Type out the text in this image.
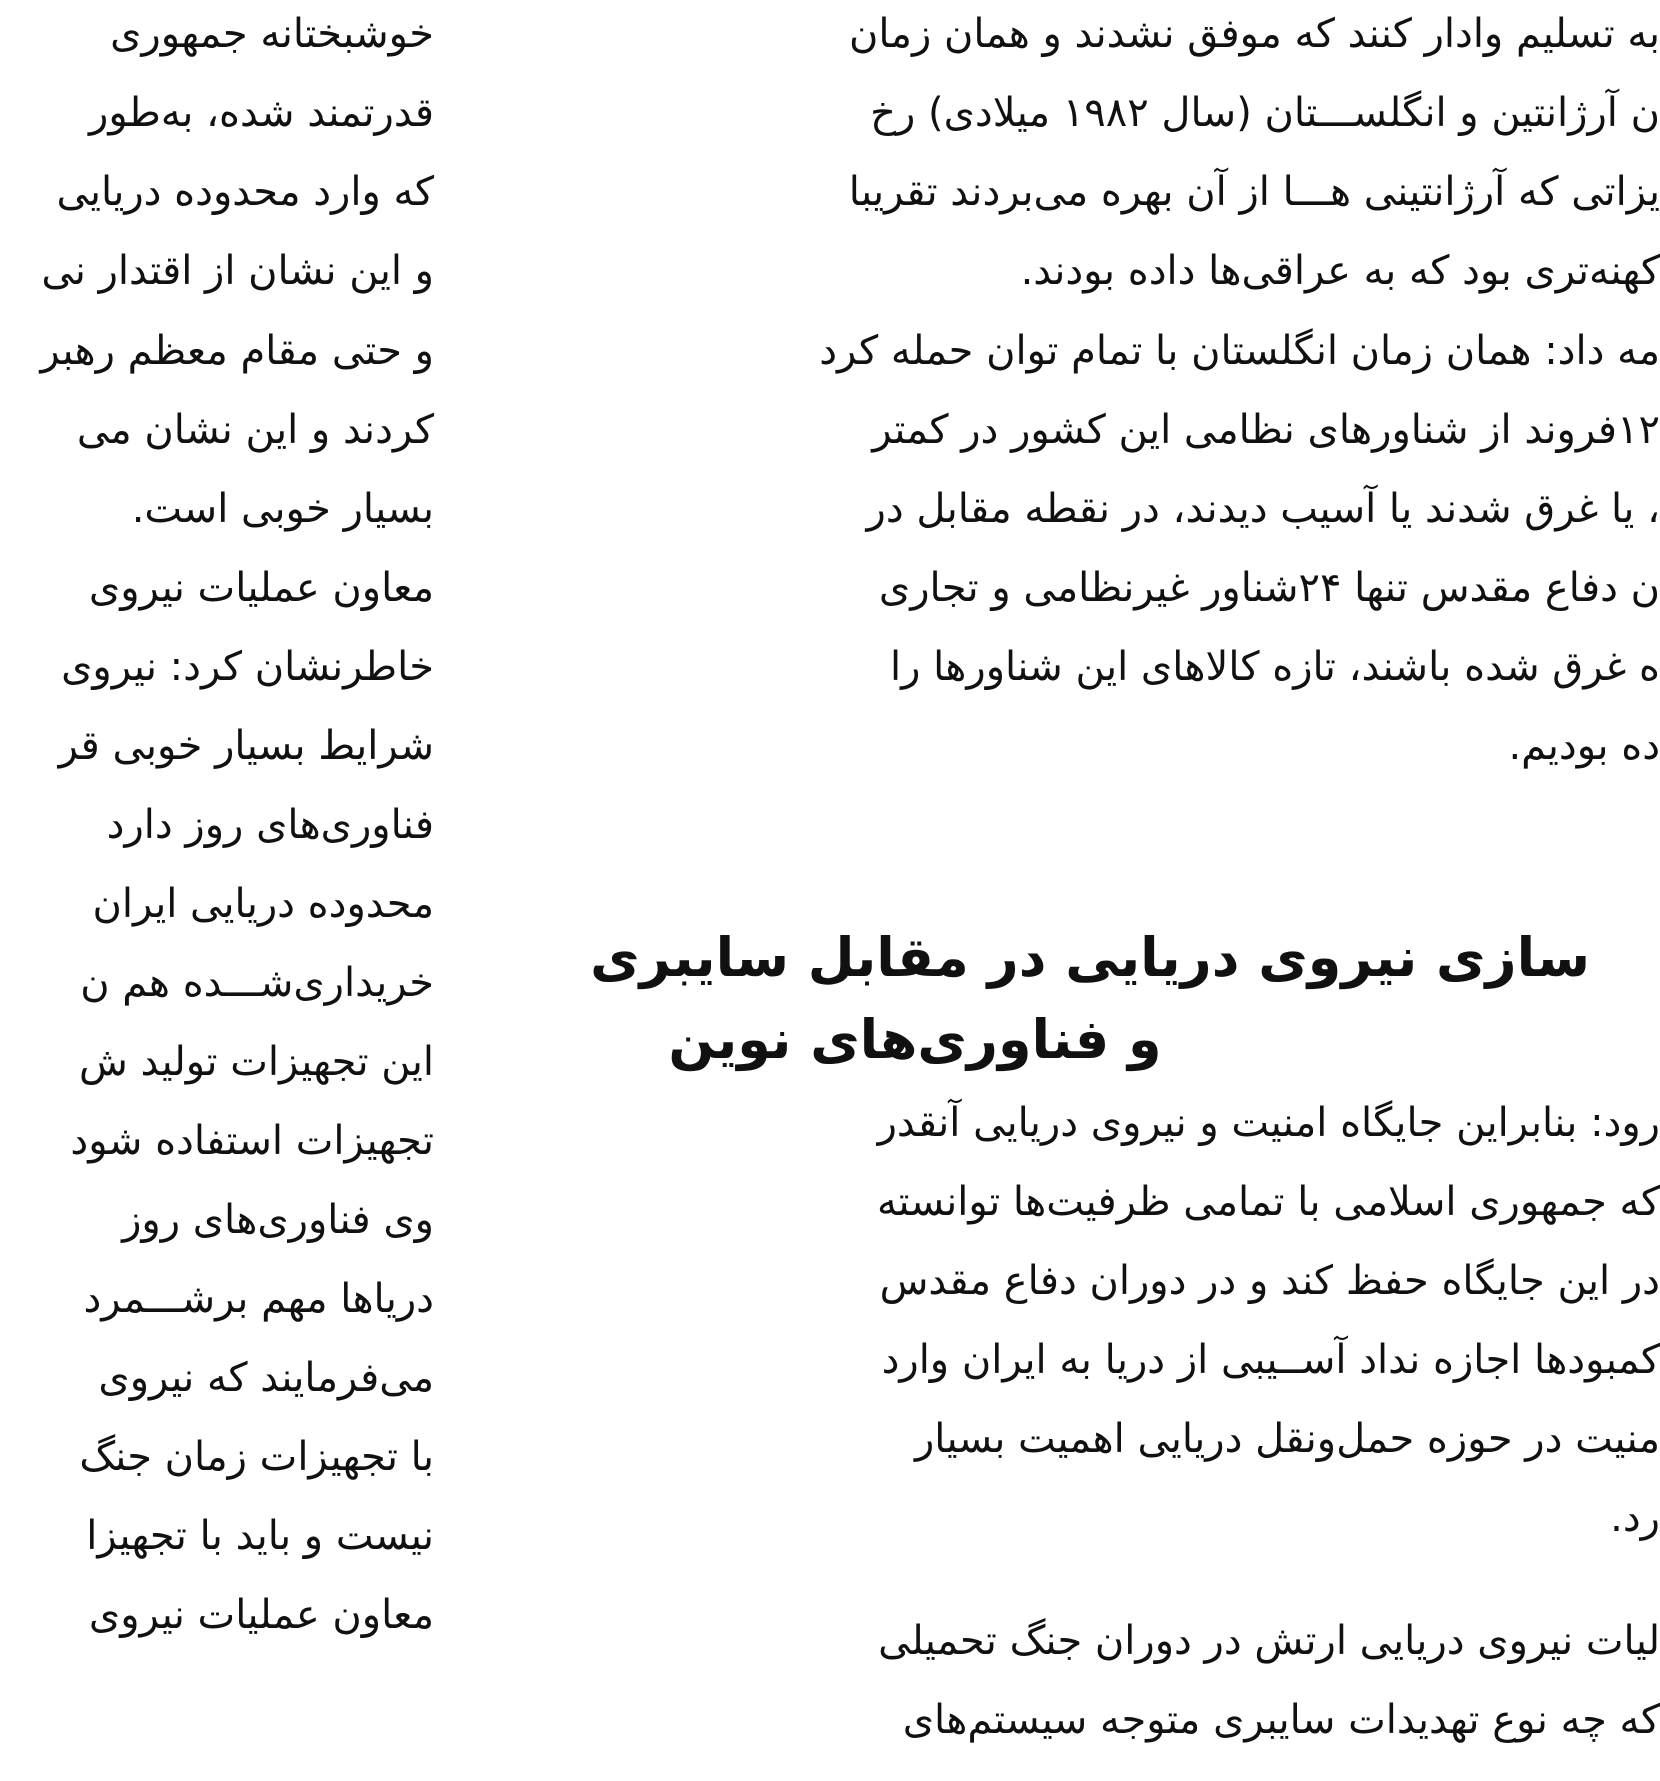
به تسلیم وادار کنند که موفق نشدند و همان زمان
ن آرژانتین و انگلســـتان (سال ۱۹۸۲ میلادی) رخ
یزاتی که آرژانتینی هـــا از آن بهره می‌بردند تقریبا
کهنه‌تری بود که به عراقی‌ها داده بودند.
مه داد: همان زمان انگلستان با تمام توان حمله کرد
۱۲فروند از شناورهای نظامی این کشور در کمتر
، یا غرق شدند یا آسیب دیدند، در نقطه مقابل در
ن دفاع مقدس تنها ۲۴شناور غیرنظامی و تجاری
ه غرق شده باشند، تازه کالاهای این شناورها را
ده بودیم.
سازی نیروی دریایی در مقابل سایبری
و فناوری‌های نوین
رود: بنابراین جایگاه امنیت و نیروی دریایی آنقدر
که جمهوری اسلامی با تمامی ظرفیت‌ها توانسته
در این جایگاه حفظ کند و در دوران دفاع مقدس
کمبودها اجازه نداد آســیبی از دریا به ایران وارد
منیت در حوزه حمل‌ونقل دریایی اهمیت بسیار
رد.
لیات نیروی دریایی ارتش در دوران جنگ تحمیلی
که چه نوع تهدیدات سایبری متوجه سیستم‌های
خوشبختانه جمهوری
قدرتمند شده، به‌طور
که وارد محدوده دریایی
و این نشان از اقتدار نی
و حتی مقام معظم رهبر
کردند و این نشان می
بسیار خوبی است.
معاون عملیات نیروی
خاطرنشان کرد: نیروی
شرایط بسیار خوبی قر
فناوری‌های روز دارد
محدوده دریایی ایران
خریداری‌شـــده هم ن
این تجهیزات تولید ش
تجهیزات استفاده شود
وی فناوری‌های روز
دریاها مهم برشـــمرد
می‌فرمایند که نیروی
با تجهیزات زمان جنگ
نیست و باید با تجهیزا
معاون عملیات نیروی
